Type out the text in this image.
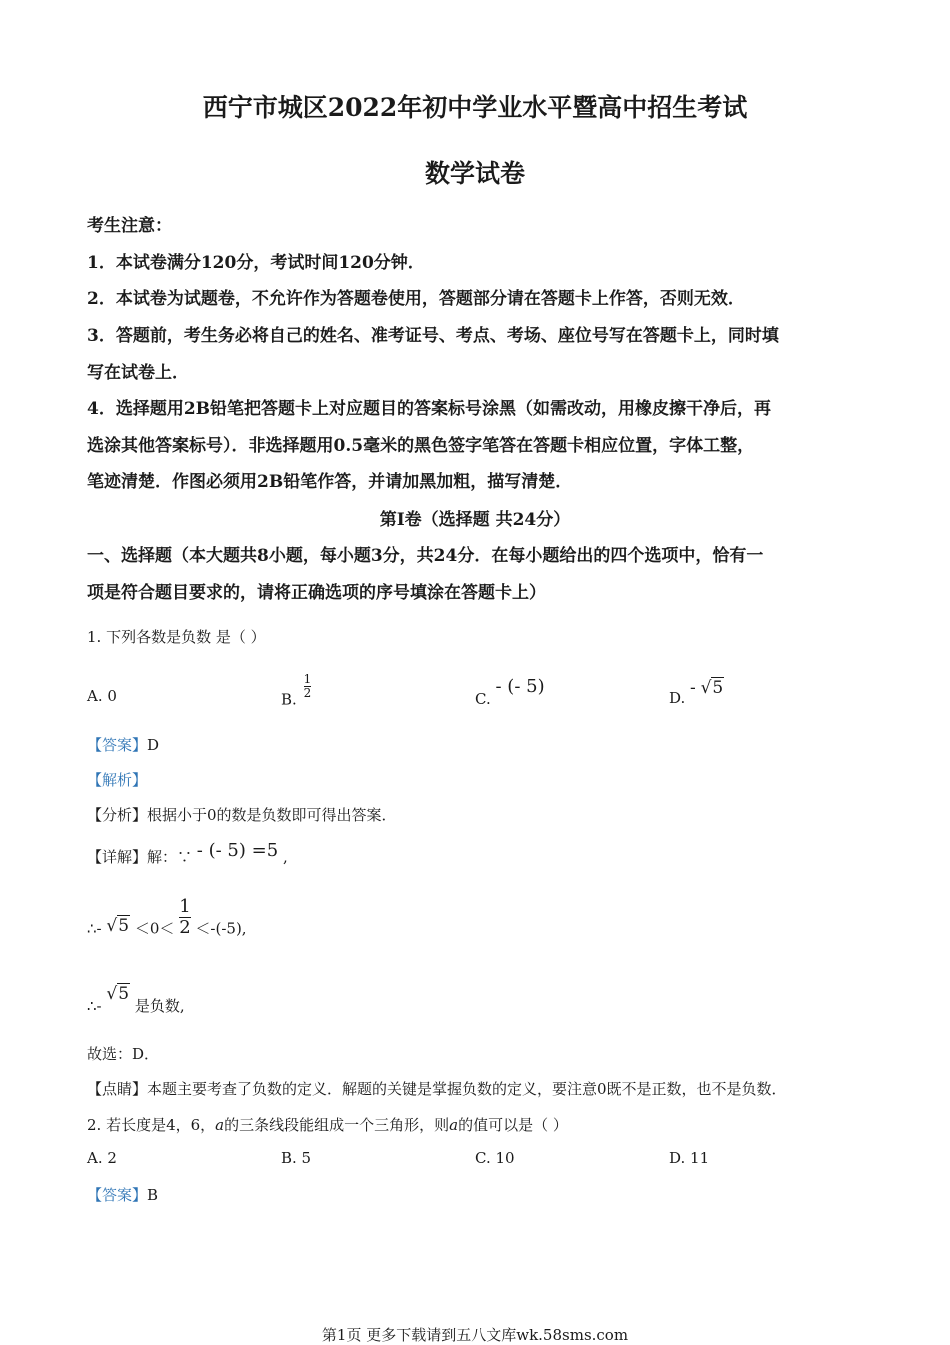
西宁市城区2022年初中学业水平暨高中招生考试
数学试卷
考生注意：
1．本试卷满分120分，考试时间120分钟．
2．本试卷为试题卷，不允许作为答题卷使用，答题部分请在答题卡上作答，否则无效．
3．答题前，考生务必将自己的姓名、准考证号、考点、考场、座位号写在答题卡上，同时填
写在试卷上．
4．选择题用2B铅笔把答题卡上对应题目的答案标号涂黑（如需改动，用橡皮擦干净后，再
选涂其他答案标号）．非选择题用0.5毫米的黑色签字笔答在答题卡相应位置，字体工整，
笔迹清楚．作图必须用2B铅笔作答，并请加黑加粗，描写清楚．
第I卷（选择题 共24分）
一、选择题（本大题共8小题，每小题3分，共24分．在每小题给出的四个选项中，恰有一
项是符合题目要求的，请将正确选项的序号填涂在答题卡上）
1. 下列各数是负数 是（ ）
A. 0	B. $\frac{1}{2}$	C. - (- 5)
D. - √5
【答案】D
【解析】
【分析】根据小于0的数是负数即可得出答案．
【详解】解：∵ - (- 5) =5 ,
∴- $√5 <0< \frac{1}{2} <-(-5)$,
∴- √5 是负数,
故选：D．
【点睛】本题主要考查了负数的定义．解题的关键是掌握负数的定义，要注意0既不是正数，也不是负数．
2. 若长度是4，6，a的三条线段能组成一个三角形，则a的值可以是（ ）
A. 2	B. 5	C. 10	D. 11
【答案】B
第1页 更多下载请到五八文库wk.58sms.com
